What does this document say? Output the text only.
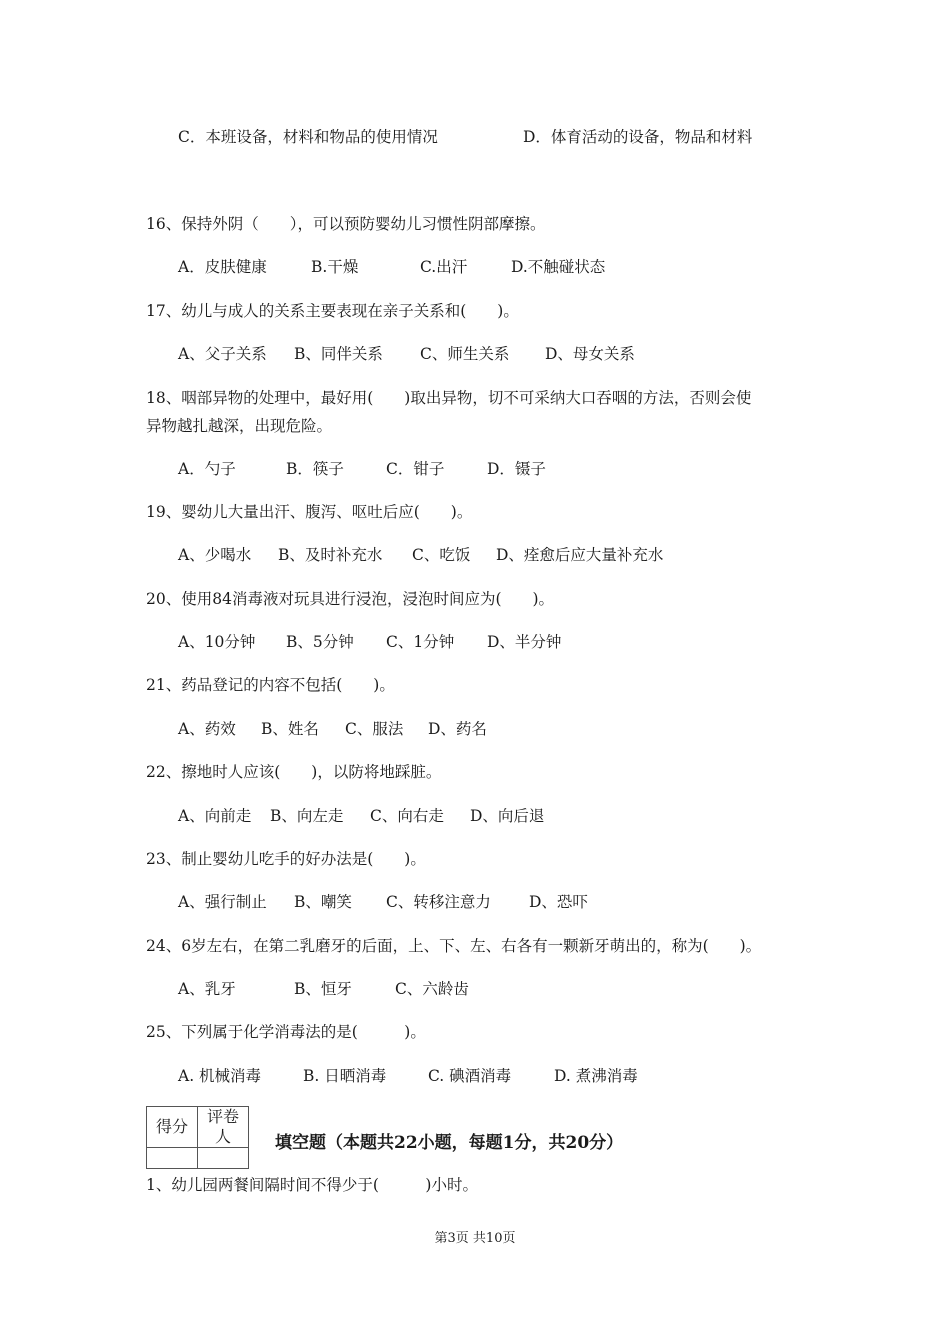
C．本班设备，材料和物品的使用情况	D．体育活动的设备，物品和材料
16、保持外阴（　　），可以预防婴幼儿习惯性阴部摩擦。
A．皮肤健康	B.干燥	C.出汗	D.不触碰状态
17、幼儿与成人的关系主要表现在亲子关系和(　　)。
A、父子关系 B、同伴关系 C、师生关系 D、母女关系
18、咽部异物的处理中，最好用(　　)取出异物，切不可采纳大口吞咽的方法，否则会使
异物越扎越深，出现危险。
A．勺子	B．筷子	C．钳子	D．镊子
19、婴幼儿大量出汗、腹泻、呕吐后应(　　)。
A、少喝水 B、及时补充水 C、吃饭 D、痊愈后应大量补充水
20、使用84消毒液对玩具进行浸泡，浸泡时间应为(　　)。
A、10分钟 B、5分钟 C、1分钟 D、半分钟
21、药品登记的内容不包括(　　)。
A、药效 B、姓名 C、服法 D、药名
22、擦地时人应该(　　)，以防将地踩脏。
A、向前走 B、向左走 C、向右走 D、向后退
23、制止婴幼儿吃手的好办法是(　　)。
A、强行制止 B、嘲笑 C、转移注意力 D、恐吓
24、6岁左右，在第二乳磨牙的后面，上、下、左、右各有一颗新牙萌出的，称为(　　)。
A、乳牙	B、恒牙	C、六龄齿
25、下列属于化学消毒法的是(　　　)。
A. 机械消毒	B. 日晒消毒	C. 碘酒消毒	D. 煮沸消毒
得分	评卷人
		填空题（本题共22小题，每题1分，共20分）
1、幼儿园两餐间隔时间不得少于(　　　)小时。
第3页 共10页
